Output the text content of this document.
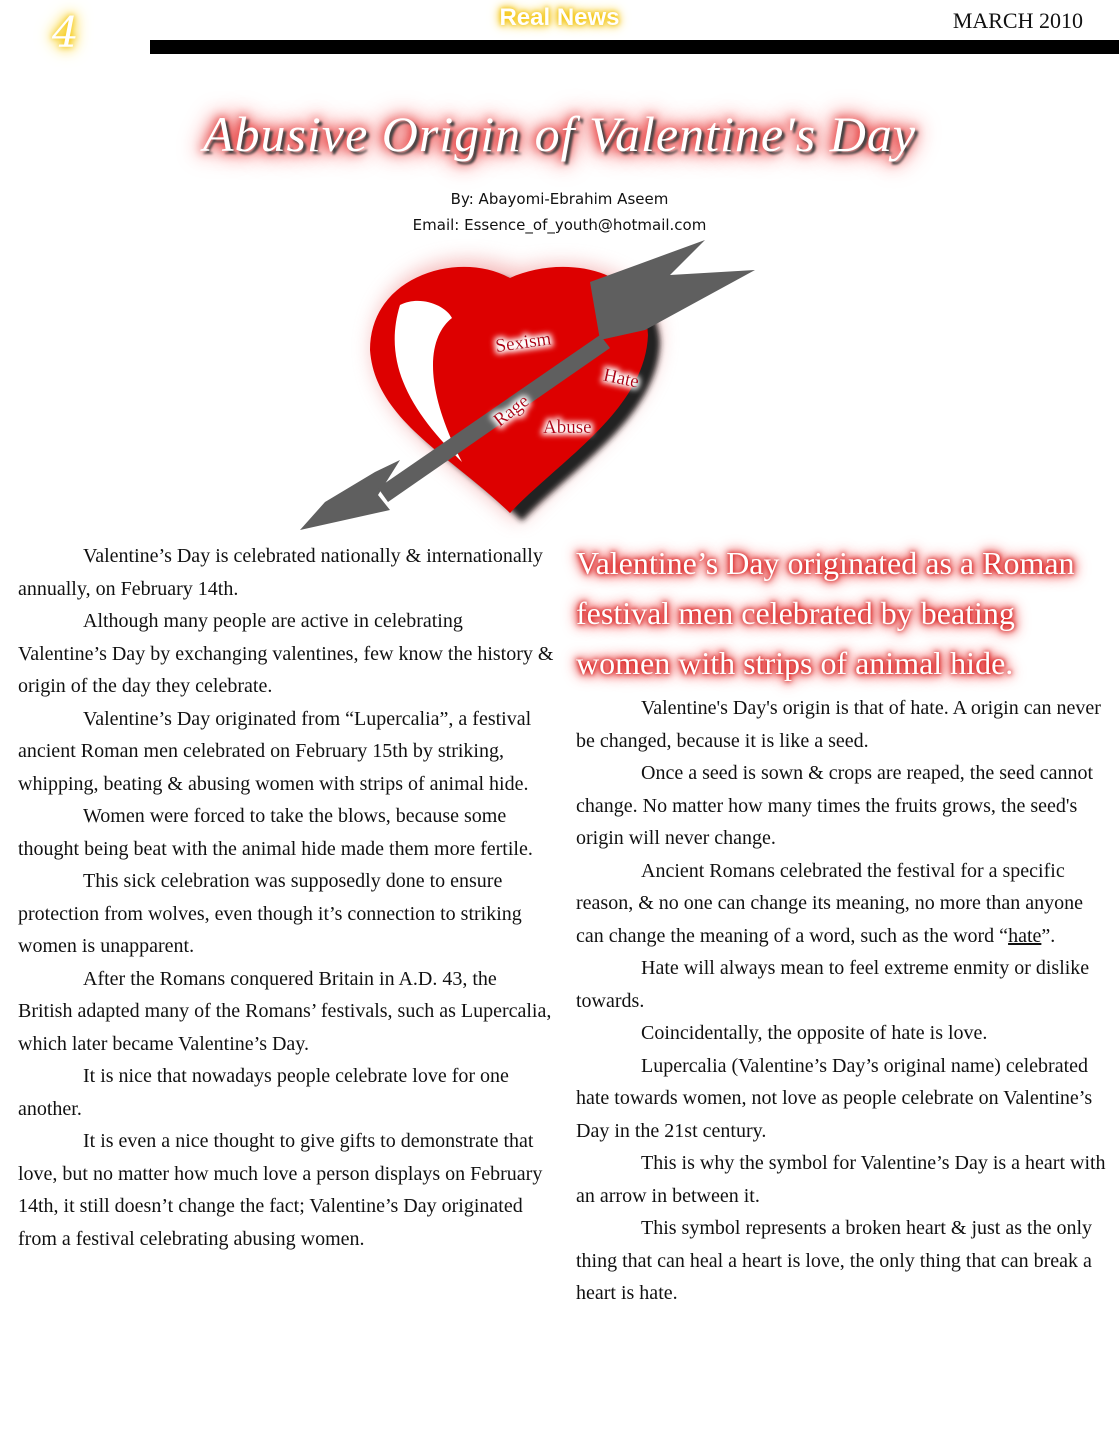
4	Real News	MARCH 2010
Abusive Origin of Valentine's Day
By: Abayomi-Ebrahim Aseem
Email: Essence_of_youth@hotmail.com
Sexism
Rage
Hate
Abuse

Valentine’s Day is celebrated nationally & internationally annually, on February 14th.

Although many people are active in celebrating Valentine’s Day by exchanging valentines, few know the history & origin of the day they celebrate.

Valentine’s Day originated from “Lupercalia”, a festival ancient Roman men celebrated on February 15th by striking, whipping, beating & abusing women with strips of animal hide.

Women were forced to take the blows, because some thought being beat with the animal hide made them more fertile.

This sick celebration was supposedly done to ensure protection from wolves, even though it’s connection to striking women is unapparent.

After the Romans conquered Britain in A.D. 43, the British adapted many of the Romans’ festivals, such as Lupercalia, which later became Valentine’s Day.

It is nice that nowadays people celebrate love for one another.

It is even a nice thought to give gifts to demonstrate that love, but no matter how much love a person displays on February 14th, it still doesn’t change the fact; Valentine’s Day originated from a festival celebrating abusing women.

Valentine’s Day originated as a Roman festival men celebrated by beating women with strips of animal hide.

Valentine's Day's origin is that of hate. A origin can never be changed, because it is like a seed.

Once a seed is sown & crops are reaped, the seed cannot change. No matter how many times the fruits grows, the seed's origin will never change.

Ancient Romans celebrated the festival for a specific reason, & no one can change its meaning, no more than anyone can change the meaning of a word, such as the word “hate”.

Hate will always mean to feel extreme enmity or dislike towards.

Coincidentally, the opposite of hate is love.

Lupercalia (Valentine’s Day’s original name) celebrated hate towards women, not love as people celebrate on Valentine’s Day in the 21st century.

This is why the symbol for Valentine’s Day is a heart with an arrow in between it.

This symbol represents a broken heart & just as the only thing that can heal a heart is love, the only thing that can break a heart is hate.
